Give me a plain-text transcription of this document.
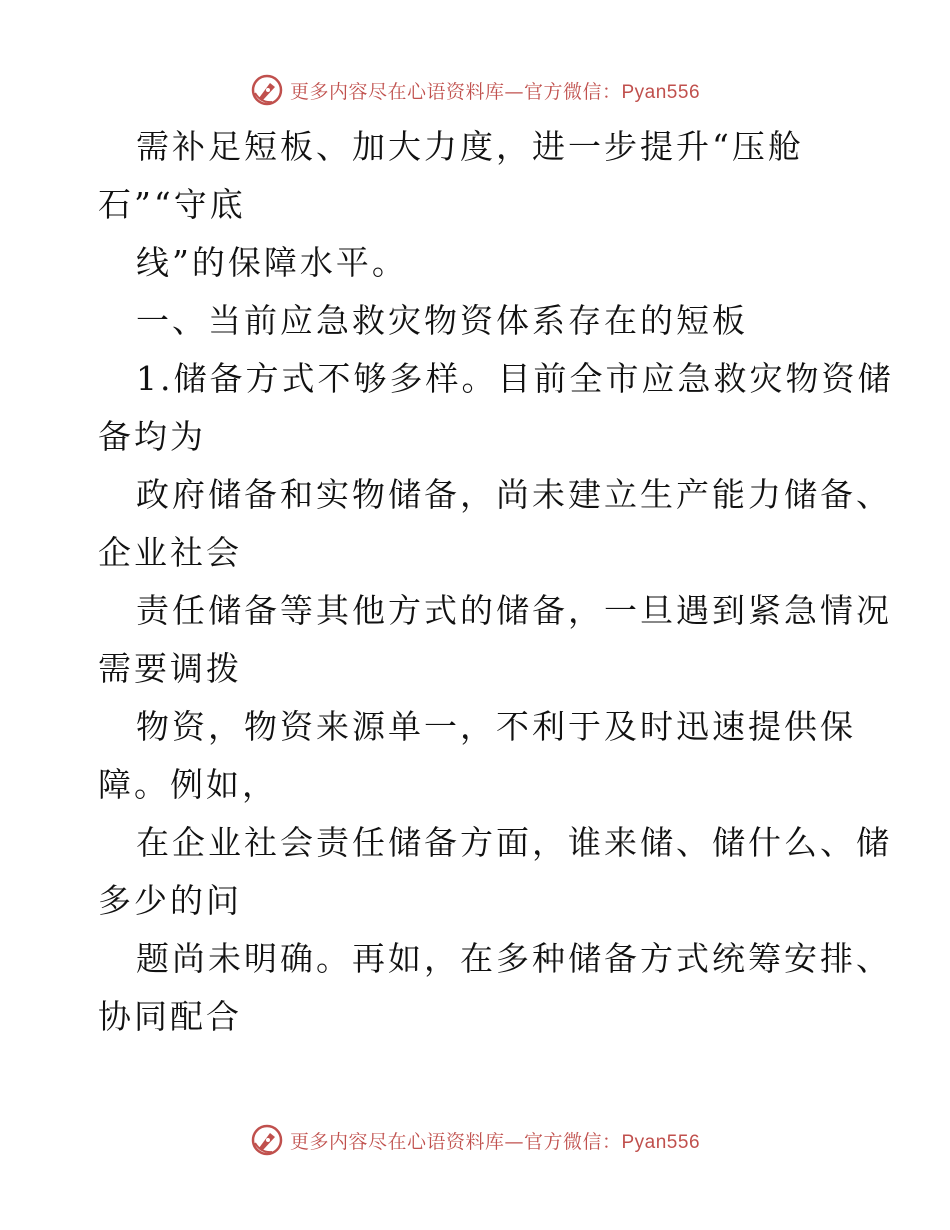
更多内容尽在心语资料库—官方微信：Pyan556
需补足短板、加大力度，进一步提升“压舱
石”“守底
线”的保障水平。
一、当前应急救灾物资体系存在的短板
1.储备方式不够多样。目前全市应急救灾物资储
备均为
政府储备和实物储备，尚未建立生产能力储备、
企业社会
责任储备等其他方式的储备，一旦遇到紧急情况
需要调拨
物资，物资来源单一，不利于及时迅速提供保
障。例如，
在企业社会责任储备方面，谁来储、储什么、储
多少的问
题尚未明确。再如，在多种储备方式统筹安排、
协同配合
更多内容尽在心语资料库—官方微信：Pyan556
